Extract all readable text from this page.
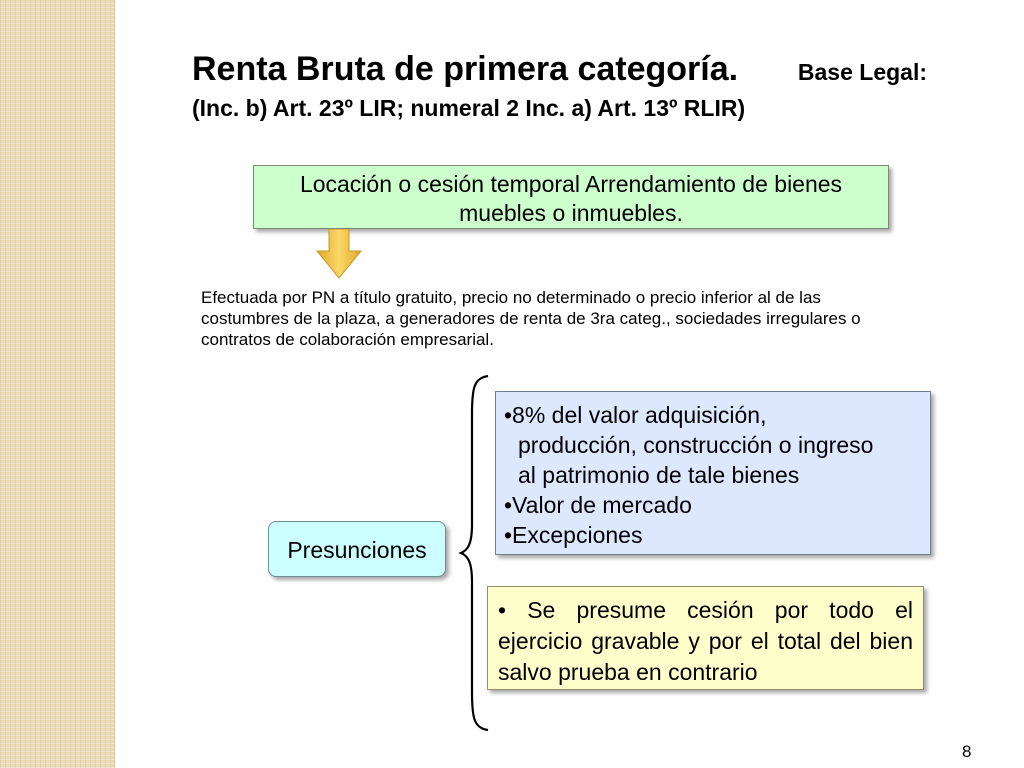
Renta Bruta de primera categoría.	Base Legal:
(Inc. b) Art. 23º LIR; numeral 2 Inc. a) Art. 13º RLIR)
Locación o cesión temporal Arrendamiento de bienes
muebles o inmuebles.
Efectuada por PN a título gratuito, precio no determinado o precio inferior al de las costumbres de la plaza, a generadores de renta de 3ra categ., sociedades irregulares o contratos de colaboración empresarial.
Presunciones
•8% del valor adquisición,
producción, construcción o ingreso
al patrimonio de tale bienes
•Valor de mercado
•Excepciones
• Se presume cesión por todo el ejercicio gravable y por el total del bien salvo prueba en contrario
8
